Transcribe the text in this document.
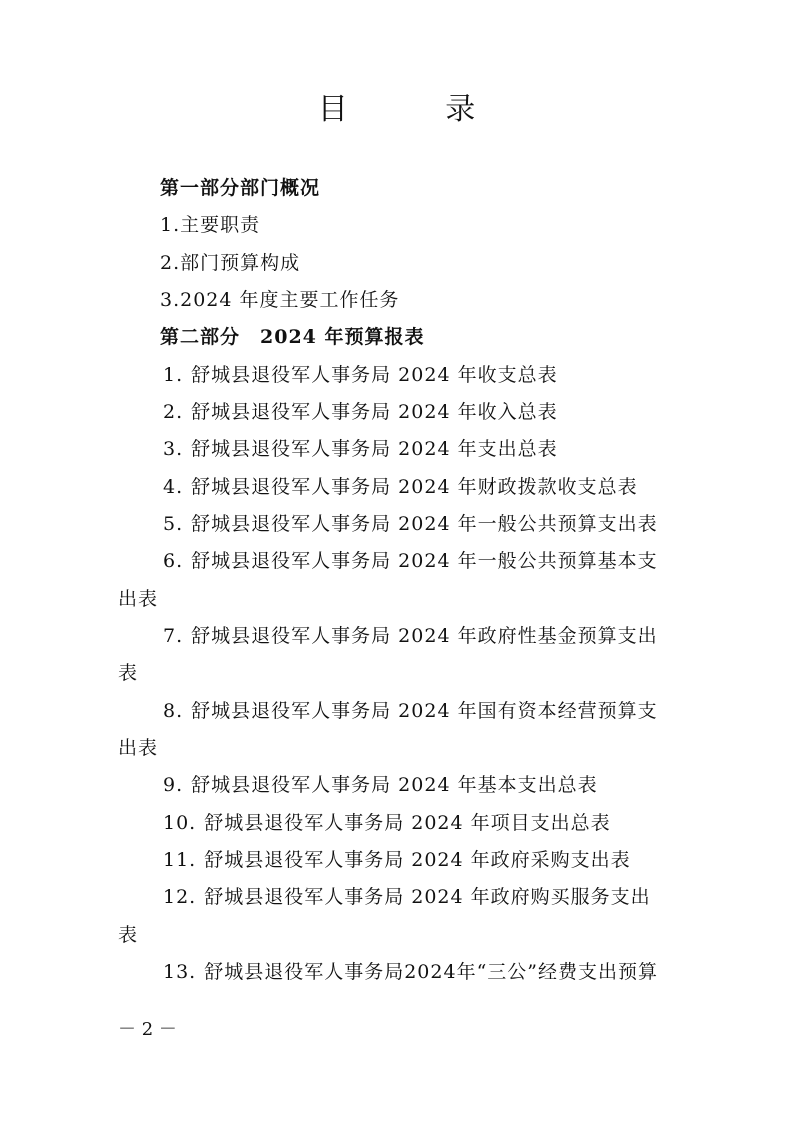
目 录
第一部分部门概况
1.主要职责
2.部门预算构成
3.2024 年度主要工作任务
第二部分　2024 年预算报表
1. 舒城县退役军人事务局 2024 年收支总表
2. 舒城县退役军人事务局 2024 年收入总表
3. 舒城县退役军人事务局 2024 年支出总表
4. 舒城县退役军人事务局 2024 年财政拨款收支总表
5. 舒城县退役军人事务局 2024 年一般公共预算支出表
6. 舒城县退役军人事务局 2024 年一般公共预算基本支
出表
7. 舒城县退役军人事务局 2024 年政府性基金预算支出
表
8. 舒城县退役军人事务局 2024 年国有资本经营预算支
出表
9. 舒城县退役军人事务局 2024 年基本支出总表
10. 舒城县退役军人事务局 2024 年项目支出总表
11. 舒城县退役军人事务局 2024 年政府采购支出表
12. 舒城县退役军人事务局 2024 年政府购买服务支出
表
13. 舒城县退役军人事务局2024年“三公”经费支出预算
－ 2 －
